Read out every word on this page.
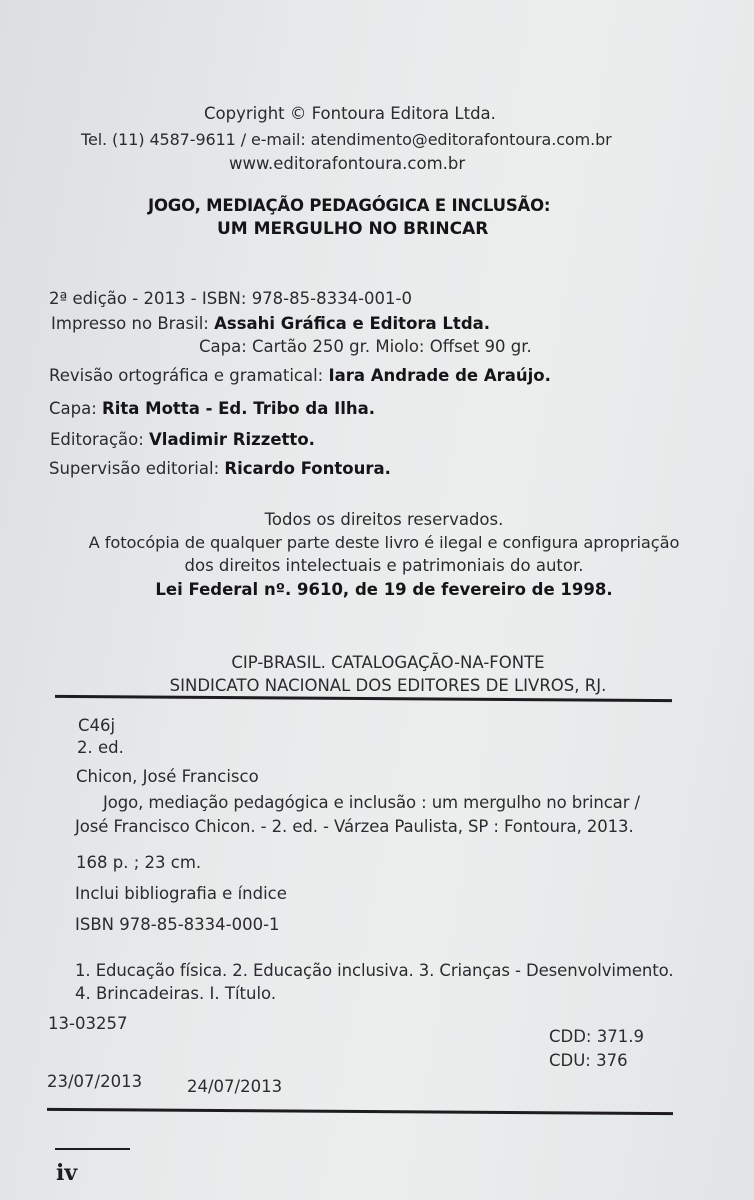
Copyright © Fontoura Editora Ltda.
Tel. (11) 4587-9611 / e-mail: atendimento@editorafontoura.com.br
www.editorafontoura.com.br
JOGO, MEDIAÇÃO PEDAGÓGICA E INCLUSÃO:
UM MERGULHO NO BRINCAR
2ª edição - 2013 - ISBN: 978-85-8334-001-0
Impresso no Brasil: Assahi Gráfica e Editora Ltda.
Capa: Cartão 250 gr. Miolo: Offset 90 gr.
Revisão ortográfica e gramatical: Iara Andrade de Araújo.
Capa: Rita Motta - Ed. Tribo da Ilha.
Editoração: Vladimir Rizzetto.
Supervisão editorial: Ricardo Fontoura.
Todos os direitos reservados.
A fotocópia de qualquer parte deste livro é ilegal e configura apropriação
dos direitos intelectuais e patrimoniais do autor.
Lei Federal nº. 9610, de 19 de fevereiro de 1998.
CIP-BRASIL. CATALOGAÇÃO-NA-FONTE
SINDICATO NACIONAL DOS EDITORES DE LIVROS, RJ.
C46j
2. ed.
Chicon, José Francisco
Jogo, mediação pedagógica e inclusão : um mergulho no brincar /
José Francisco Chicon. - 2. ed. - Várzea Paulista, SP : Fontoura, 2013.
168 p. ; 23 cm.
Inclui bibliografia e índice
ISBN 978-85-8334-000-1
1. Educação física. 2. Educação inclusiva. 3. Crianças - Desenvolvimento.
4. Brincadeiras. I. Título.
13-03257
CDD: 371.9
CDU: 376
23/07/2013	24/07/2013
iv
